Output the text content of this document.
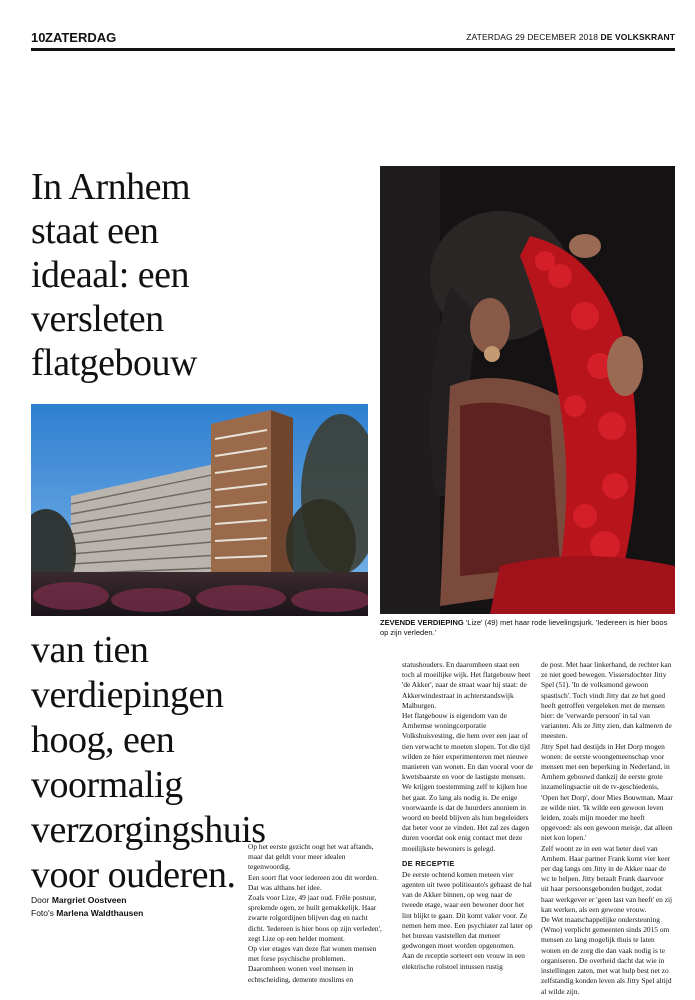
10 ZATERDAG	ZATERDAG 29 DECEMBER 2018 DE VOLKSKRANT
In Arnhem
staat een
ideaal: een
versleten
flatgebouw
ZEVENDE VERDIEPING 'Lize' (49) met haar rode lievelingsjurk. 'Iedereen is hier boos op zijn verleden.'
van tien
verdiepingen
hoog, een
voormalig
verzorgingshuis
voor ouderen.
Door Margriet Oostveen
Foto's Marlena Waldthausen

Op het eerste gezicht oogt het wat aftands, maar dat geldt voor meer idealen tegenwoordig.

Een soort flat voor iedereen zou dit worden. Dat was althans het idee.

Zoals voor Lize, 49 jaar oud. Frêle postuur, sprekende ogen, ze huilt gemakkelijk. Haar zwarte rolgordijnen blijven dag en nacht dicht. 'Iedereen is hier boos op zijn verleden', zegt Lize op een helder moment.

Op vier etages van deze flat wonen mensen met forse psychische problemen. Daaromheen wonen veel mensen in echtscheiding, dementе moslims en

statushouders. En daaromheen staat een toch al moeilijke wijk. Het flatgebouw heet 'de Akker', naar de straat waar hij staat: de Akkerwindestraat in achterstandswijk Malburgen.

Het flatgebouw is eigendom van de Arnhemse woningcorporatie Volkshuisvesting, die hem over een jaar of tien verwacht te moeten slopen. Tot die tijd wilden ze hier experimenteren met nieuwe manieren van wonen. En dan vooral voor de kwetsbaarste en voor de lastigste mensen.

We krijgen toestemming zelf te kijken hoe het gaat. Zo lang als nodig is. De enige voorwaarde is dat de huurders anoniem in woord en beeld blijven als hun begeleiders dat beter voor ze vinden. Het zal zes dagen duren voordat ook enig contact met deze moeilijkste bewoners is gelegd.

DE RECEPTIE

De eerste ochtend komen meteen vier agenten uit twee politieauto's gehaast de hal van de Akker binnen, op weg naar de tweede etage, waar een bewoner door het lint blijkt te gaan. Dit komt vaker voor. Ze nemen hem mee. Een psychiater zal later op het bureau vaststellen dat meneer gedwongen moet worden opgenomen.

Aan de receptie sorteert een vrouw in een elektrische rolstoel intussen rustig

de post. Met haar linkerhand, de rechter kan ze niet goed bewegen. Vissersdochter Jitty Spel (51). 'In de volksmond gewoon spastisch'. Toch vindt Jitty dat ze het goed heeft getroffen vergeleken met de mensen hier: de 'verwarde persoon' in tal van varianten. Als ze Jitty zien, dan kalmeren de meesten.

Jitty Spel had destijds in Het Dorp mogen wonen: de eerste woongemeenschap voor mensen met een beperking in Nederland, in Arnhem gebouwd dankzij de eerste grote inzamelingsactie uit de tv-geschiedenis, 'Open het Dorp', door Mies Bouwman. Maar ze wilde niet. 'Ik wilde een gewoon leven leiden, zoals mijn moeder me heeft opgevoed: als een gewoon meisje, dat alleen niet kon lopen.'

Zelf woont ze in een wat beter deel van Arnhem. Haar partner Frank komt vier keer per dag langs om Jitty in de Akker naar de wc te helpen. Jitty betaalt Frank daarvoor uit haar persoonsgebonden budget, zodat haar werkgever er 'geen last van heeft' en zij kan werken, als een gewone vrouw.

De Wet maatschappelijke ondersteuning (Wmo) verplicht gemeenten sinds 2015 om mensen zo lang mogelijk thuis te laten wonen en de zorg die dan vaak nodig is te organiseren. De overheid dacht dat wie in instellingen zaten, met wat hulp best net zo zelfstandig konden leven als Jitty Spel altijd al wilde zijn.
